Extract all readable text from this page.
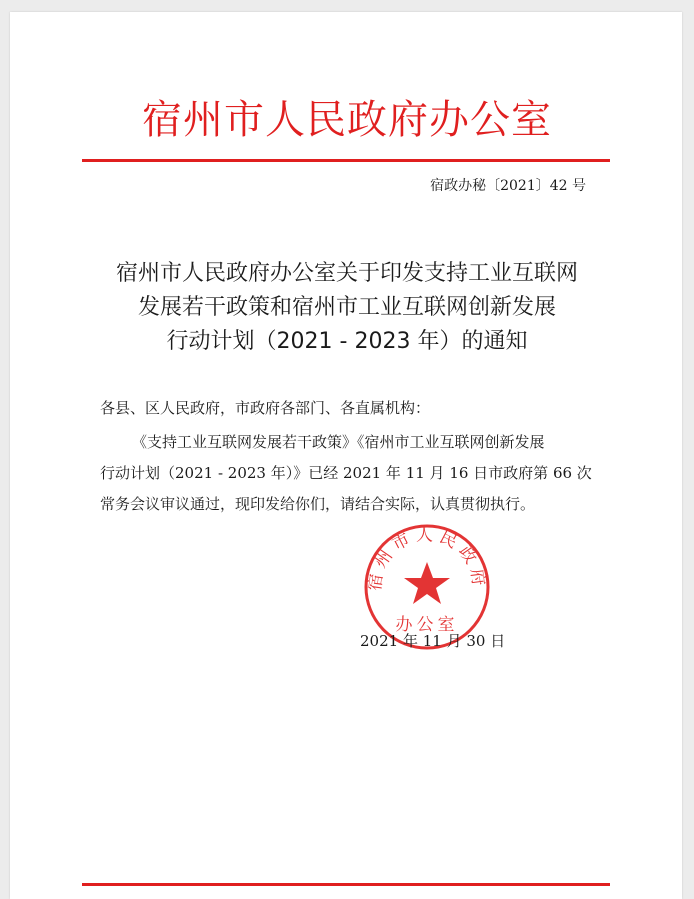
宿州市人民政府办公室
宿政办秘〔2021〕42 号
宿州市人民政府办公室关于印发支持工业互联网
发展若干政策和宿州市工业互联网创新发展
行动计划（2021 - 2023 年）的通知
各县、区人民政府，市政府各部门、各直属机构：
《支持工业互联网发展若干政策》《宿州市工业互联网创新发展
行动计划（2021 - 2023 年）》已经 2021 年 11 月 16 日市政府第 66 次
常务会议审议通过，现印发给你们，请结合实际，认真贯彻执行。
宿州市人民政府
办公室
2021 年 11 月 30 日
